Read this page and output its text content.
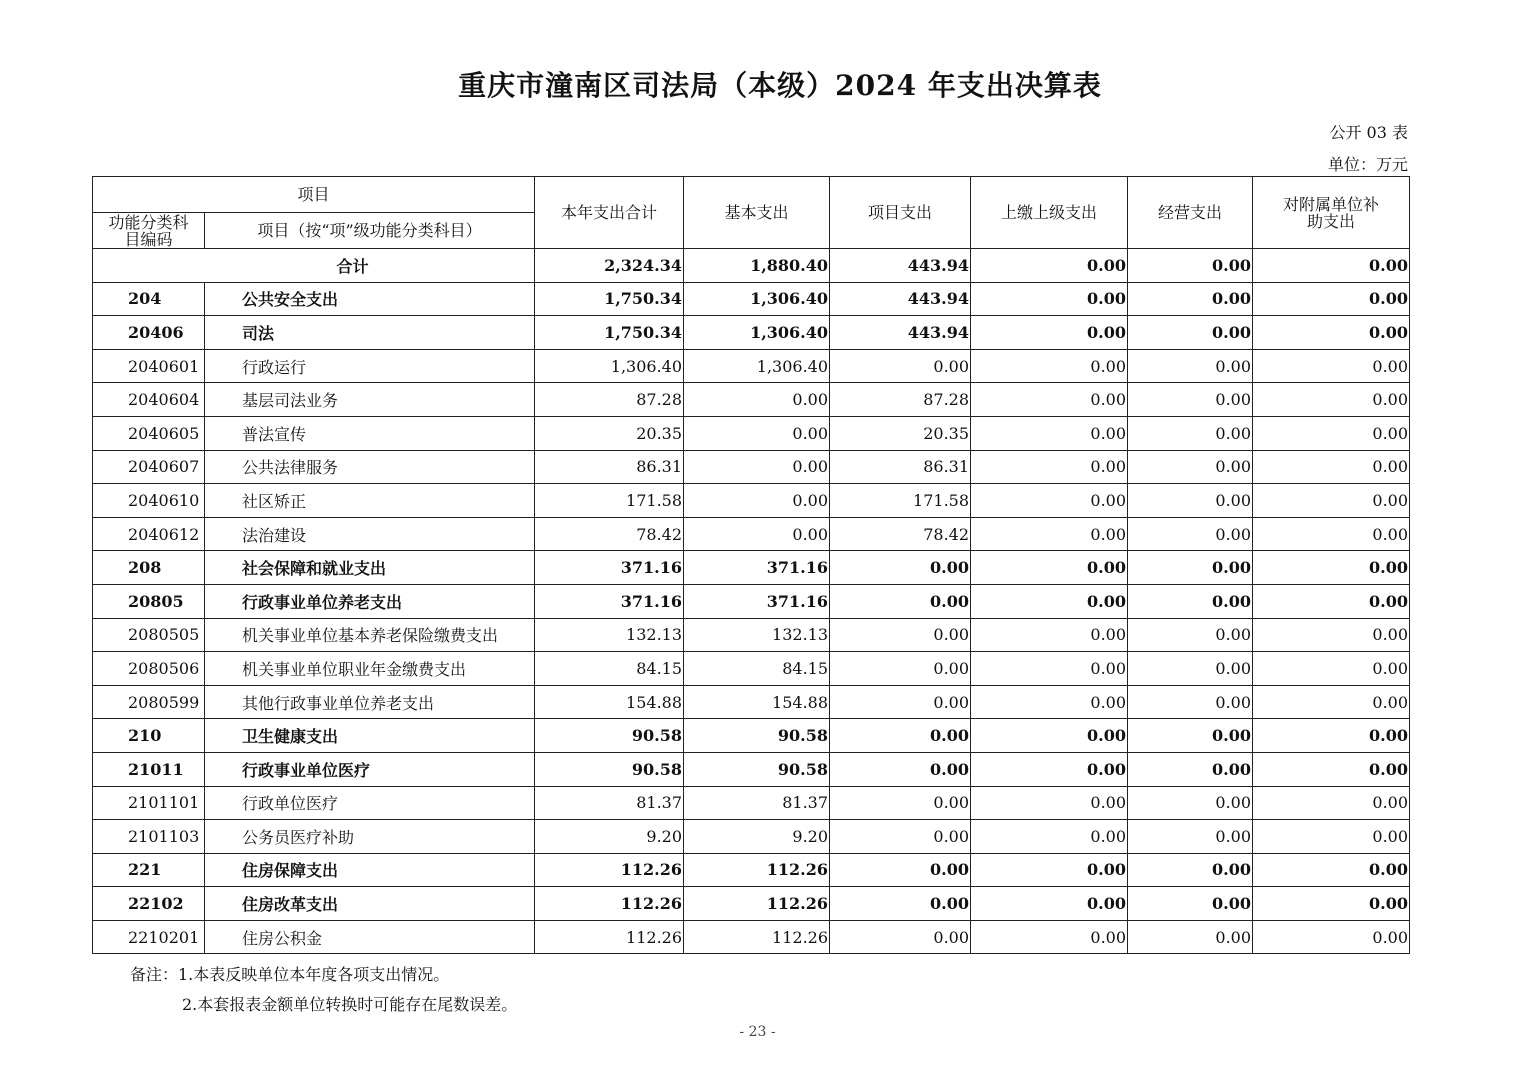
重庆市潼南区司法局（本级）2024 年支出决算表
公开 03 表
单位：万元
项目		本年支出合计	基本支出	项目支出	上缴上级支出	经营支出	对附属单位补助支出
功能分类科目编码	项目（按“项”级功能分类科目）						
合计		2,324.34	1,880.40	443.94	0.00	0.00	0.00
204	公共安全支出	1,750.34	1,306.40	443.94	0.00	0.00	0.00
20406	司法	1,750.34	1,306.40	443.94	0.00	0.00	0.00
2040601	行政运行	1,306.40	1,306.40	0.00	0.00	0.00	0.00
2040604	基层司法业务	87.28	0.00	87.28	0.00	0.00	0.00
2040605	普法宣传	20.35	0.00	20.35	0.00	0.00	0.00
2040607	公共法律服务	86.31	0.00	86.31	0.00	0.00	0.00
2040610	社区矫正	171.58	0.00	171.58	0.00	0.00	0.00
2040612	法治建设	78.42	0.00	78.42	0.00	0.00	0.00
208	社会保障和就业支出	371.16	371.16	0.00	0.00	0.00	0.00
20805	行政事业单位养老支出	371.16	371.16	0.00	0.00	0.00	0.00
2080505	机关事业单位基本养老保险缴费支出	132.13	132.13	0.00	0.00	0.00	0.00
2080506	机关事业单位职业年金缴费支出	84.15	84.15	0.00	0.00	0.00	0.00
2080599	其他行政事业单位养老支出	154.88	154.88	0.00	0.00	0.00	0.00
210	卫生健康支出	90.58	90.58	0.00	0.00	0.00	0.00
21011	行政事业单位医疗	90.58	90.58	0.00	0.00	0.00	0.00
2101101	行政单位医疗	81.37	81.37	0.00	0.00	0.00	0.00
2101103	公务员医疗补助	9.20	9.20	0.00	0.00	0.00	0.00
221	住房保障支出	112.26	112.26	0.00	0.00	0.00	0.00
22102	住房改革支出	112.26	112.26	0.00	0.00	0.00	0.00
2210201	住房公积金	112.26	112.26	0.00	0.00	0.00	0.00
备注：1.本表反映单位本年度各项支出情况。
2.本套报表金额单位转换时可能存在尾数误差。
- 23 -
